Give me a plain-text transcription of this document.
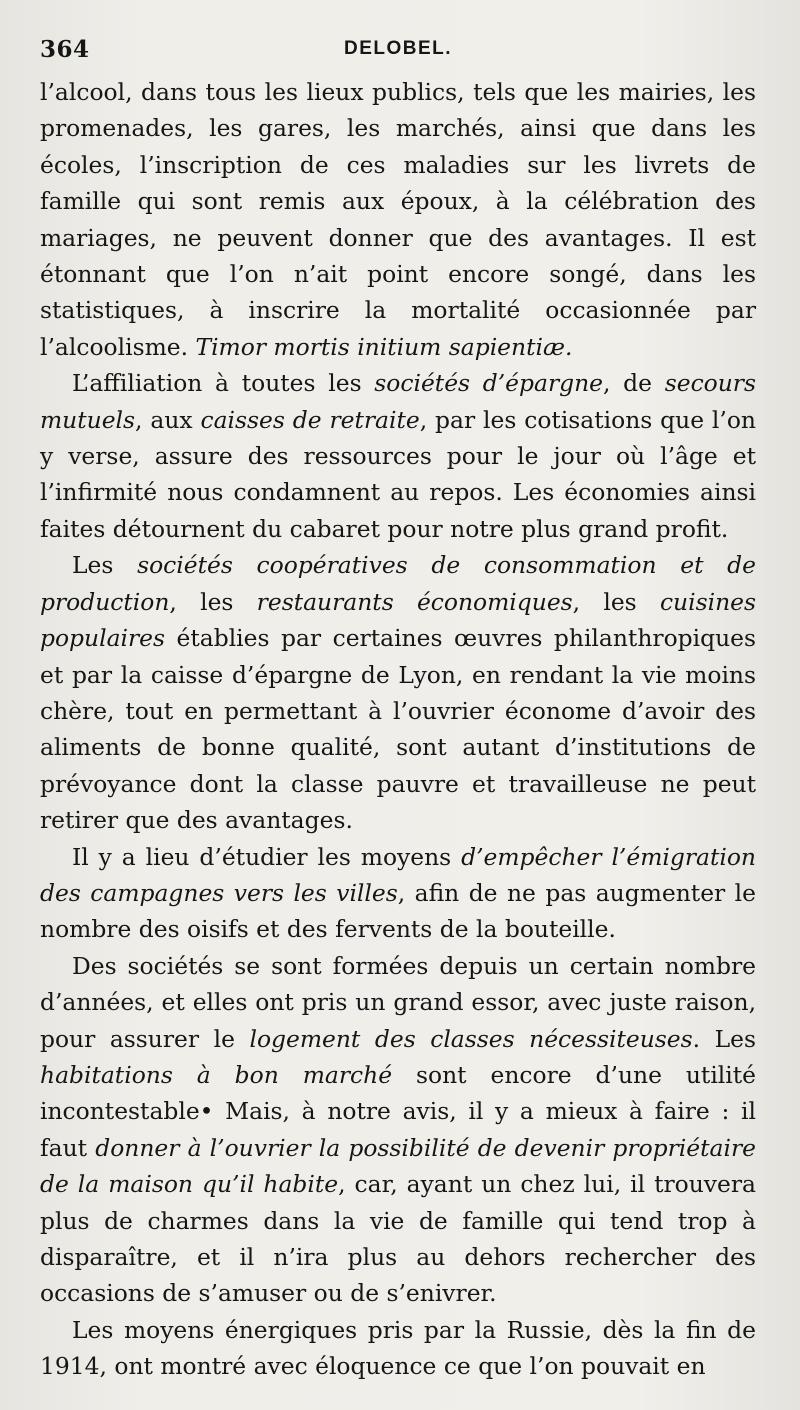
364	DELOBEL.

l’alcool, dans tous les lieux publics, tels que les mairies, les promenades, les gares, les marchés, ainsi que dans les écoles, l’inscription de ces maladies sur les livrets de famille qui sont remis aux époux, à la célébration des mariages, ne peuvent donner que des avantages. Il est étonnant que l’on n’ait point encore songé, dans les statistiques, à inscrire la mortalité occasionnée par l’alcoolisme. Timor mortis initium sapientiæ.

L’affiliation à toutes les sociétés d’épargne, de secours mutuels, aux caisses de retraite, par les cotisations que l’on y verse, assure des ressources pour le jour où l’âge et l’infirmité nous condamnent au repos. Les économies ainsi faites détournent du cabaret pour notre plus grand profit.

Les sociétés coopératives de consommation et de production, les restaurants économiques, les cuisines populaires établies par certaines œuvres philanthropiques et par la caisse d’épargne de Lyon, en rendant la vie moins chère, tout en permettant à l’ouvrier économe d’avoir des aliments de bonne qualité, sont autant d’institutions de prévoyance dont la classe pauvre et travailleuse ne peut retirer que des avantages.

Il y a lieu d’étudier les moyens d’empêcher l’émigration des campagnes vers les villes, afin de ne pas augmenter le nombre des oisifs et des fervents de la bouteille.

Des sociétés se sont formées depuis un certain nombre d’années, et elles ont pris un grand essor, avec juste raison, pour assurer le logement des classes nécessiteuses. Les habitations à bon marché sont encore d’une utilité incontestable• Mais, à notre avis, il y a mieux à faire : il faut donner à l’ouvrier la possibilité de devenir propriétaire de la maison qu’il habite, car, ayant un chez lui, il trouvera plus de charmes dans la vie de famille qui tend trop à disparaître, et il n’ira plus au dehors rechercher des occasions de s’amuser ou de s’enivrer.

Les moyens énergiques pris par la Russie, dès la fin de 1914, ont montré avec éloquence ce que l’on pouvait en
